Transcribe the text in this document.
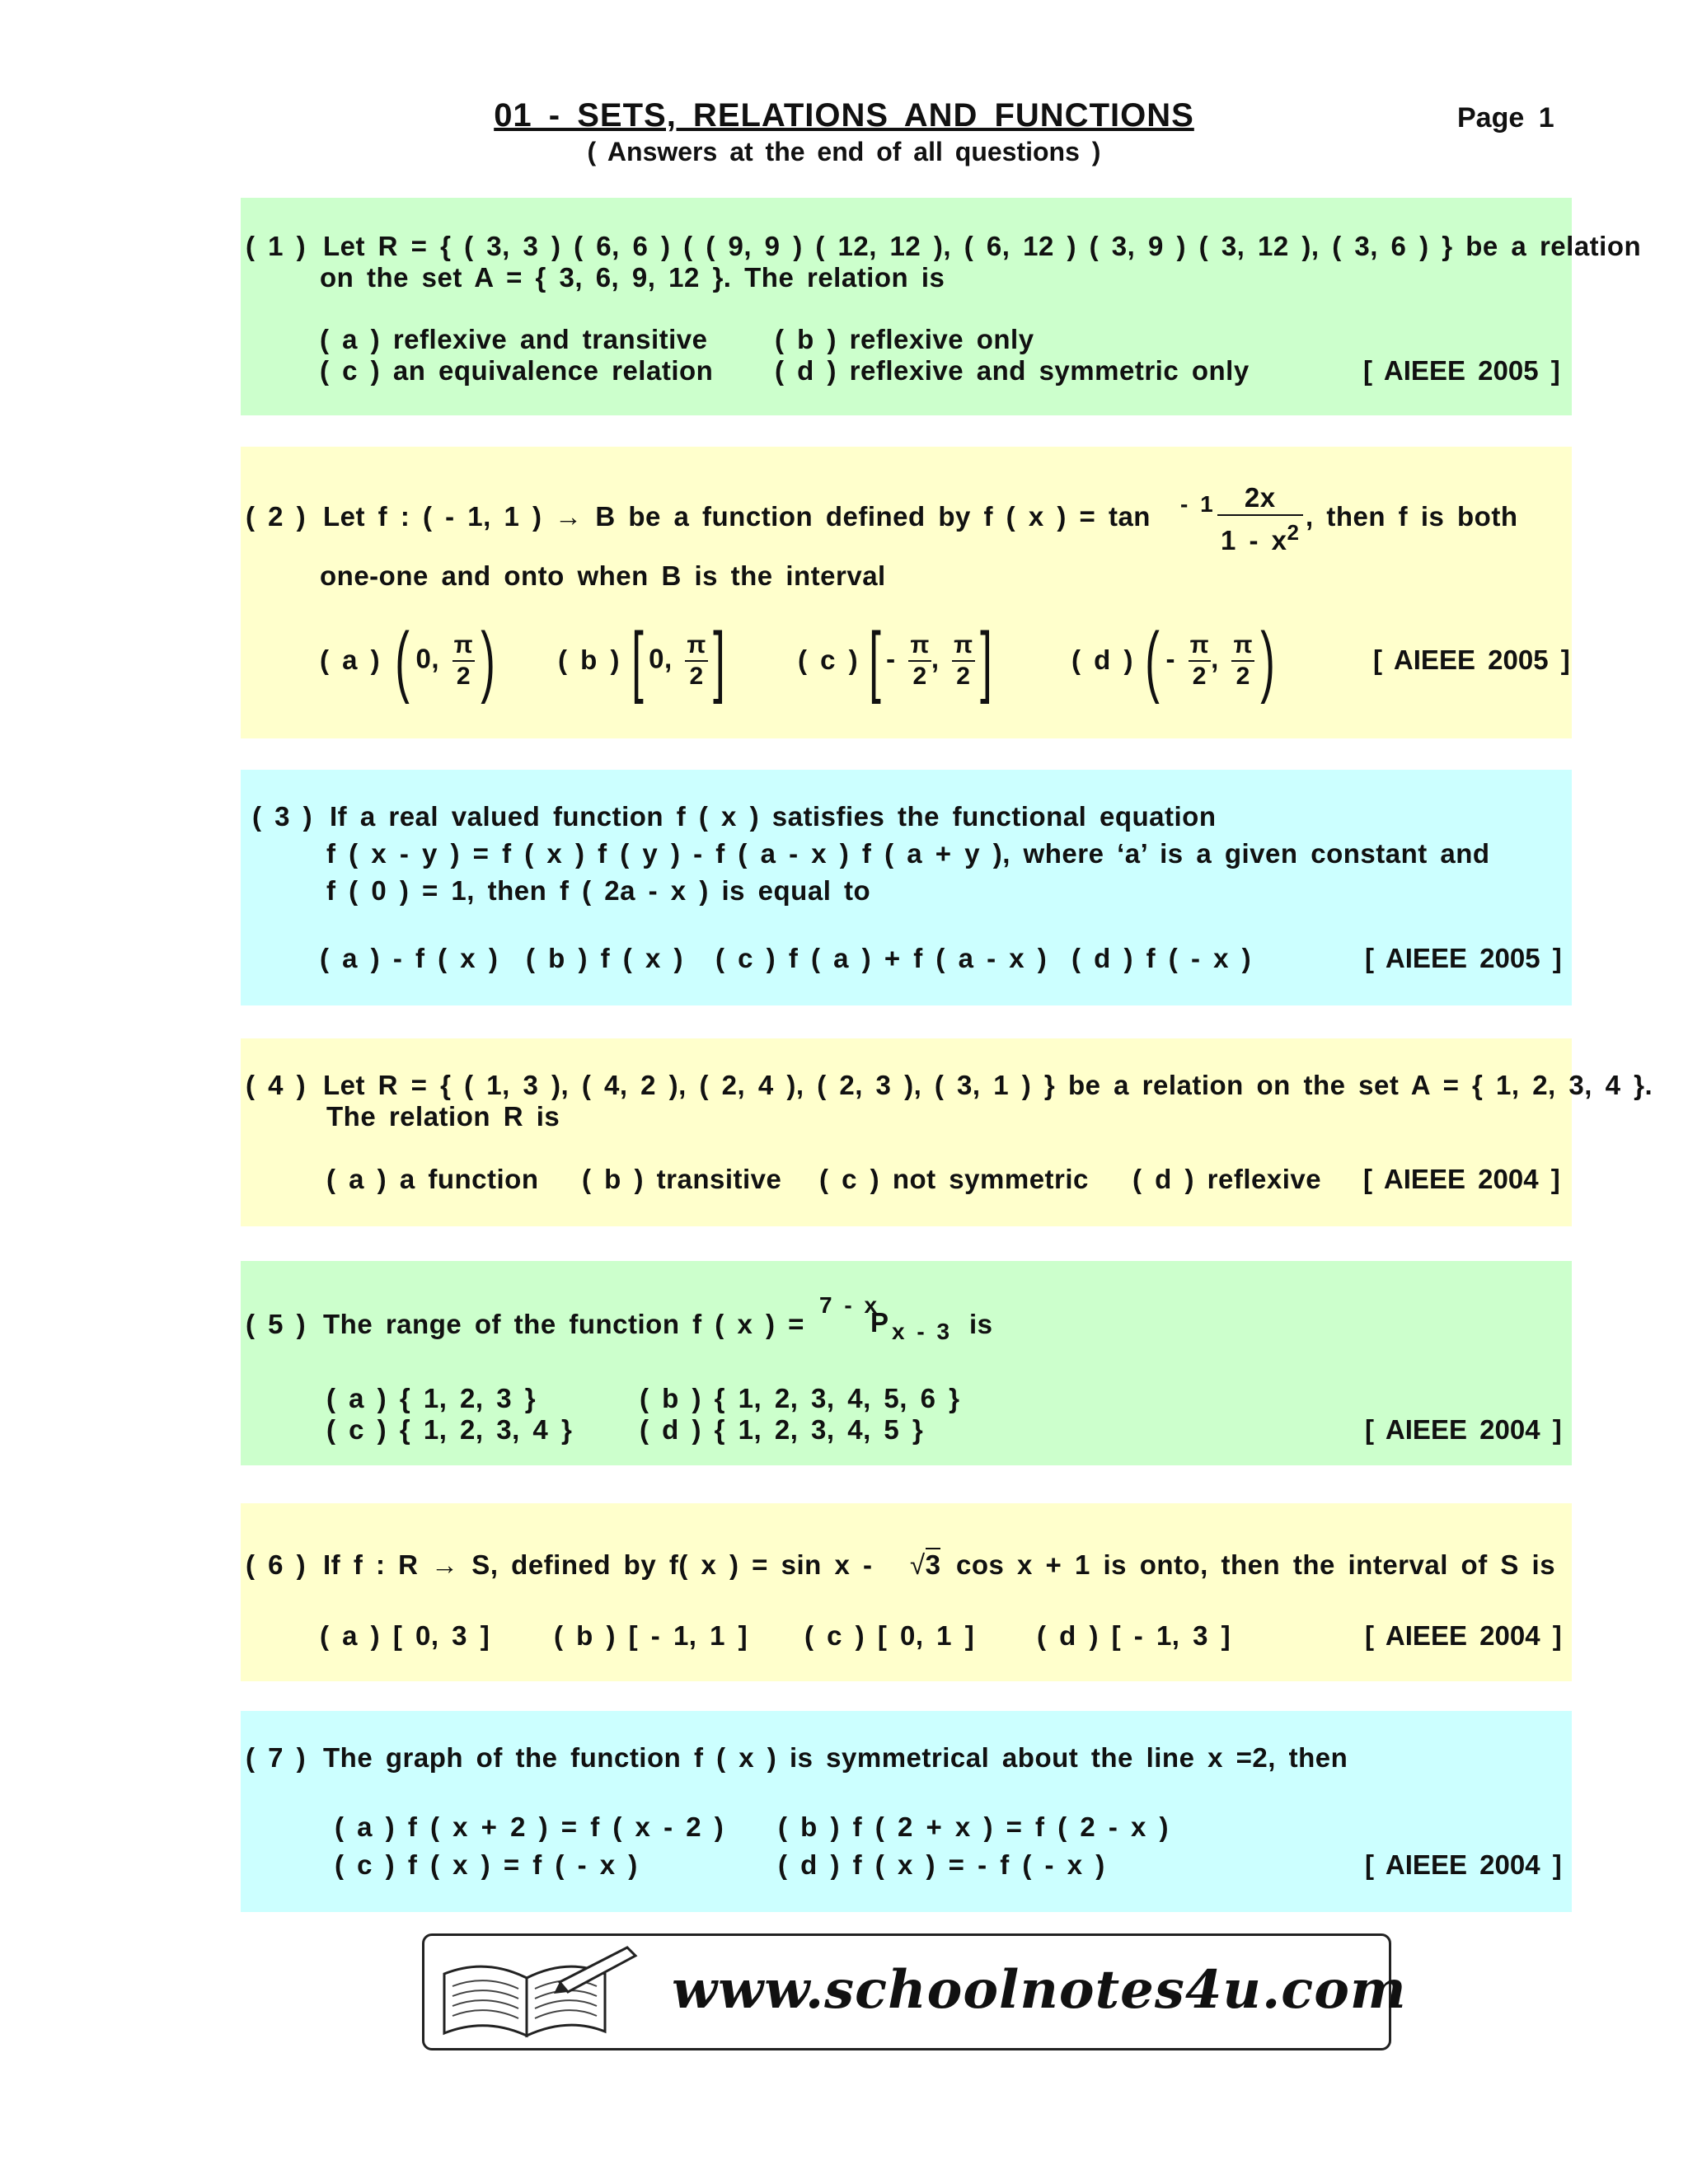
01 - SETS, RELATIONS AND FUNCTIONS	Page 1
( Answers at the end of all questions )
( 1 ) Let R = { ( 3, 3 ) ( 6, 6 ) ( ( 9, 9 ) ( 12, 12 ), ( 6, 12 ) ( 3, 9 ) ( 3, 12 ), ( 3, 6 ) } be a relation
on the set A = { 3, 6, 9, 12 }. The relation is
( a ) reflexive and transitive ( b ) reflexive only
( c ) an equivalence relation ( d ) reflexive and symmetric only	[ AIEEE 2005 ]
( 2 ) Let f : ( - 1, 1 ) → B be a function defined by f ( x ) = tan - $1 \frac{2x}{1 - x^2}$ , then f is both
one-one and onto when B is the interval
( a ) ( 0, $\frac{\pi}{2}$ ) ( b ) [ 0, $\frac{\pi}{2}$ ]	( c ) [ - $\frac{\pi}{2}$ , $\frac{\pi}{2}$ ]	( d ) ( - $\frac{\pi}{2}$ , $\frac{\pi}{2}$ )	[ AIEEE 2005 ]
( 3 ) If a real valued function f ( x ) satisfies the functional equation
f ( x - y ) = f ( x ) f ( y ) - f ( a - x ) f ( a + y ), where ‘a’ is a given constant and
f ( 0 ) = 1, then f ( 2a - x ) is equal to
( a ) - f ( x ) ( b ) f ( x ) ( c ) f ( a ) + f ( a - x ) ( d ) f ( - x )	[ AIEEE 2005 ]
( 4 ) Let R = { ( 1, 3 ), ( 4, 2 ), ( 2, 4 ), ( 2, 3 ), ( 3, 1 ) } be a relation on the set A = { 1, 2, 3, 4 }.
The relation R is
( a ) a function ( b ) transitive ( c ) not symmetric ( d ) reflexive [ AIEEE 2004 ]
( 5 ) The range of the function f ( x ) =
7 - x
P x - 3 is
( a ) { 1, 2, 3 }	( b ) { 1, 2, 3, 4, 5, 6 }
( c ) { 1, 2, 3, 4 } ( d ) { 1, 2, 3, 4, 5 }	[ AIEEE 2004 ]
( 6 ) If f : R → S, defined by f( x ) = sin x - √3 cos x + 1 is onto, then the interval of S is
( a ) [ 0, 3 ] ( b ) [ - 1, 1 ] ( c ) [ 0, 1 ] ( d ) [ - 1, 3 ]	[ AIEEE 2004 ]
( 7 ) The graph of the function f ( x ) is symmetrical about the line x =2, then
( a ) f ( x + 2 ) = f ( x - 2 ) ( b ) f ( 2 + x ) = f ( 2 - x )
( c ) f ( x ) = f ( - x )	( d ) f ( x ) = - f ( - x )	[ AIEEE 2004 ]
www.schoolnotes4u.com
